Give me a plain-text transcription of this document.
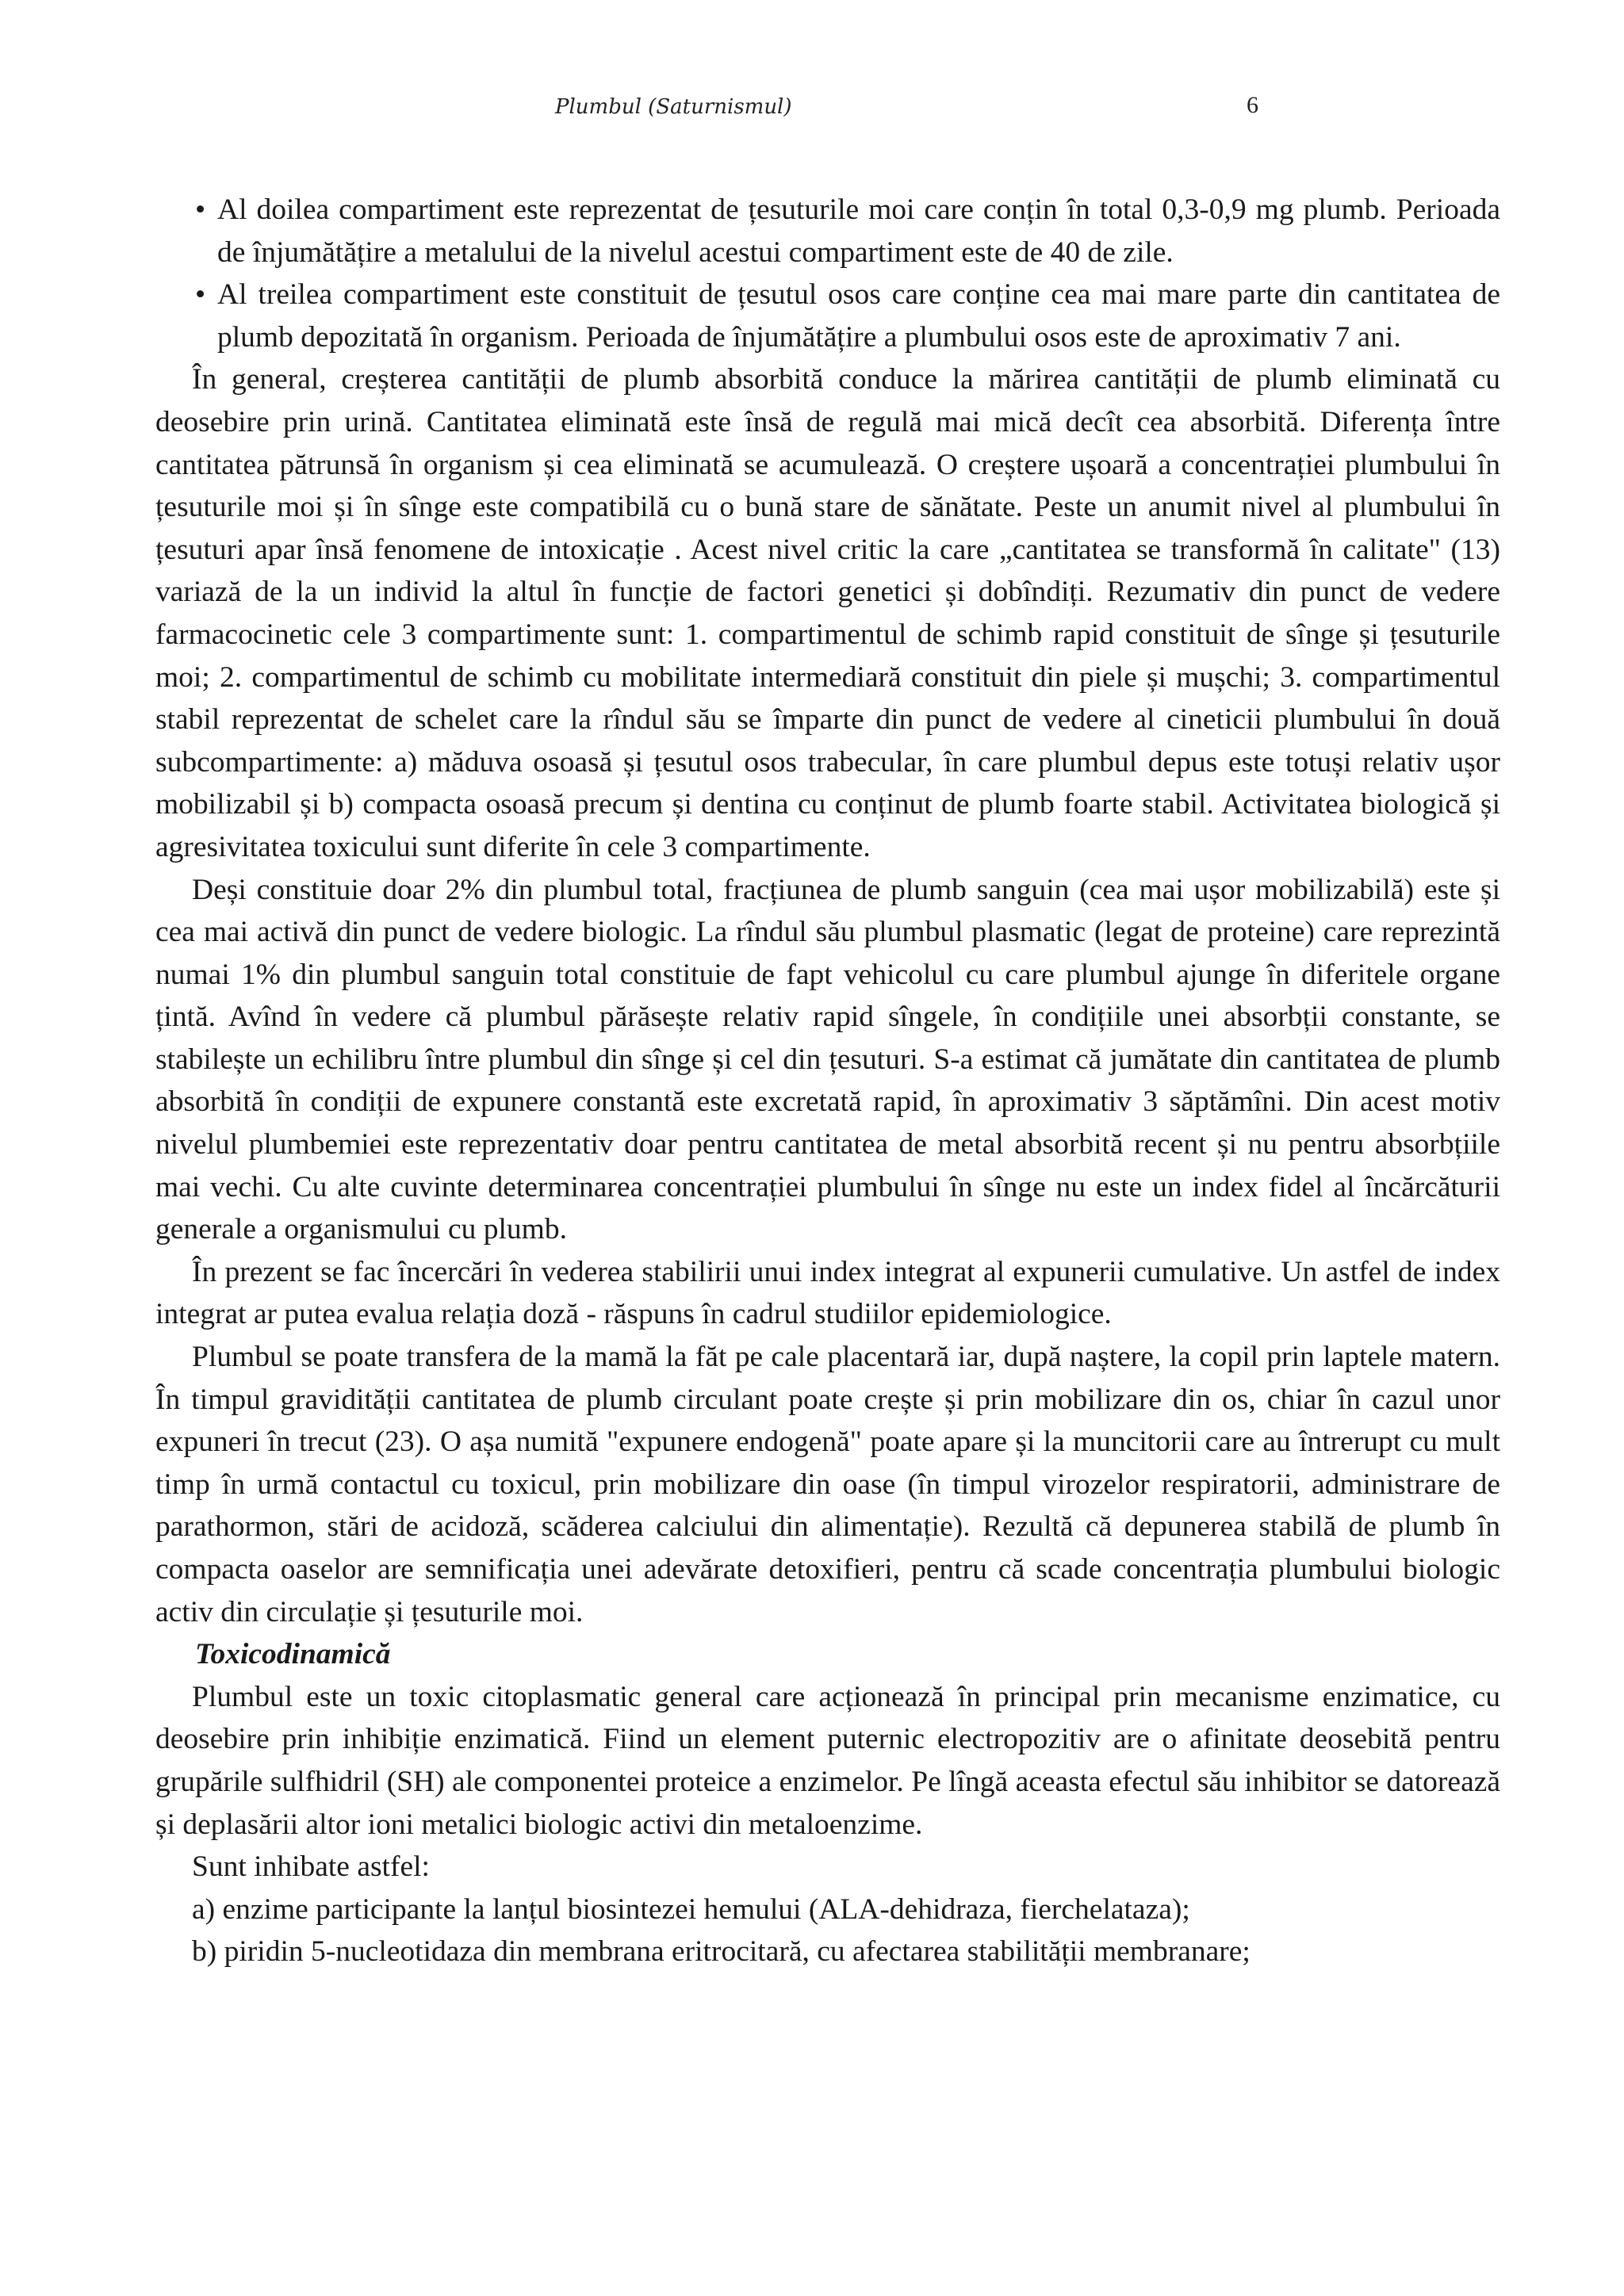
Plumbul (Saturnismul)	6

• Al doilea compartiment este reprezentat de țesuturile moi care conțin în total 0,3-0,9 mg plumb. Perioada de înjumătățire a metalului de la nivelul acestui compartiment este de 40 de zile.

• Al treilea compartiment este constituit de țesutul osos care conține cea mai mare parte din cantitatea de plumb depozitată în organism. Perioada de înjumătățire a plumbului osos este de aproximativ 7 ani.

În general, creșterea cantității de plumb absorbită conduce la mărirea cantității de plumb eliminată cu deosebire prin urină. Cantitatea eliminată este însă de regulă mai mică decît cea absorbită. Diferența între cantitatea pătrunsă în organism și cea eliminată se acumulează. O creștere ușoară a concentrației plumbului în țesuturile moi și în sînge este compatibilă cu o bună stare de sănătate. Peste un anumit nivel al plumbului în țesuturi apar însă fenomene de intoxicație . Acest nivel critic la care „cantitatea se transformă în calitate" (13) variază de la un individ la altul în funcție de factori genetici și dobîndiți. Rezumativ din punct de vedere farmacocinetic cele 3 compartimente sunt: 1. compartimentul de schimb rapid constituit de sînge și țesuturile moi; 2. compartimentul de schimb cu mobilitate intermediară constituit din piele și mușchi; 3. compartimentul stabil reprezentat de schelet care la rîndul său se împarte din punct de vedere al cineticii plumbului în două subcompartimente: a) măduva osoasă și țesutul osos trabecular, în care plumbul depus este totuși relativ ușor mobilizabil și b) compacta osoasă precum și dentina cu conținut de plumb foarte stabil. Activitatea biologică și agresivitatea toxicului sunt diferite în cele 3 compartimente.

Deși constituie doar 2% din plumbul total, fracțiunea de plumb sanguin (cea mai ușor mobilizabilă) este și cea mai activă din punct de vedere biologic. La rîndul său plumbul plasmatic (legat de proteine) care reprezintă numai 1% din plumbul sanguin total constituie de fapt vehicolul cu care plumbul ajunge în diferitele organe țintă. Avînd în vedere că plumbul părăsește relativ rapid sîngele, în condițiile unei absorbții constante, se stabilește un echilibru între plumbul din sînge și cel din țesuturi. S-a estimat că jumătate din cantitatea de plumb absorbită în condiții de expunere constantă este excretată rapid, în aproximativ 3 săptămîni. Din acest motiv nivelul plumbemiei este reprezentativ doar pentru cantitatea de metal absorbită recent și nu pentru absorbțiile mai vechi. Cu alte cuvinte determinarea concentrației plumbului în sînge nu este un index fidel al încărcăturii generale a organismului cu plumb.

În prezent se fac încercări în vederea stabilirii unui index integrat al expunerii cumulative. Un astfel de index integrat ar putea evalua relația doză - răspuns în cadrul studiilor epidemiologice.

Plumbul se poate transfera de la mamă la făt pe cale placentară iar, după naștere, la copil prin laptele matern. În timpul gravidității cantitatea de plumb circulant poate crește și prin mobilizare din os, chiar în cazul unor expuneri în trecut (23). O așa numită "expunere endogenă" poate apare și la muncitorii care au întrerupt cu mult timp în urmă contactul cu toxicul, prin mobilizare din oase (în timpul virozelor respiratorii, administrare de parathormon, stări de acidoză, scăderea calciului din alimentație). Rezultă că depunerea stabilă de plumb în compacta oaselor are semnificația unei adevărate detoxifieri, pentru că scade concentrația plumbului biologic activ din circulație și țesuturile moi.

Toxicodinamică

Plumbul este un toxic citoplasmatic general care acționează în principal prin mecanisme enzimatice, cu deosebire prin inhibiție enzimatică. Fiind un element puternic electropozitiv are o afinitate deosebită pentru grupările sulfhidril (SH) ale componentei proteice a enzimelor. Pe lîngă aceasta efectul său inhibitor se datorează și deplasării altor ioni metalici biologic activi din metaloenzime.

Sunt inhibate astfel:

a) enzime participante la lanțul biosintezei hemului (ALA-dehidraza, fierchelataza);

b) piridin 5-nucleotidaza din membrana eritrocitară, cu afectarea stabilității membranare;
